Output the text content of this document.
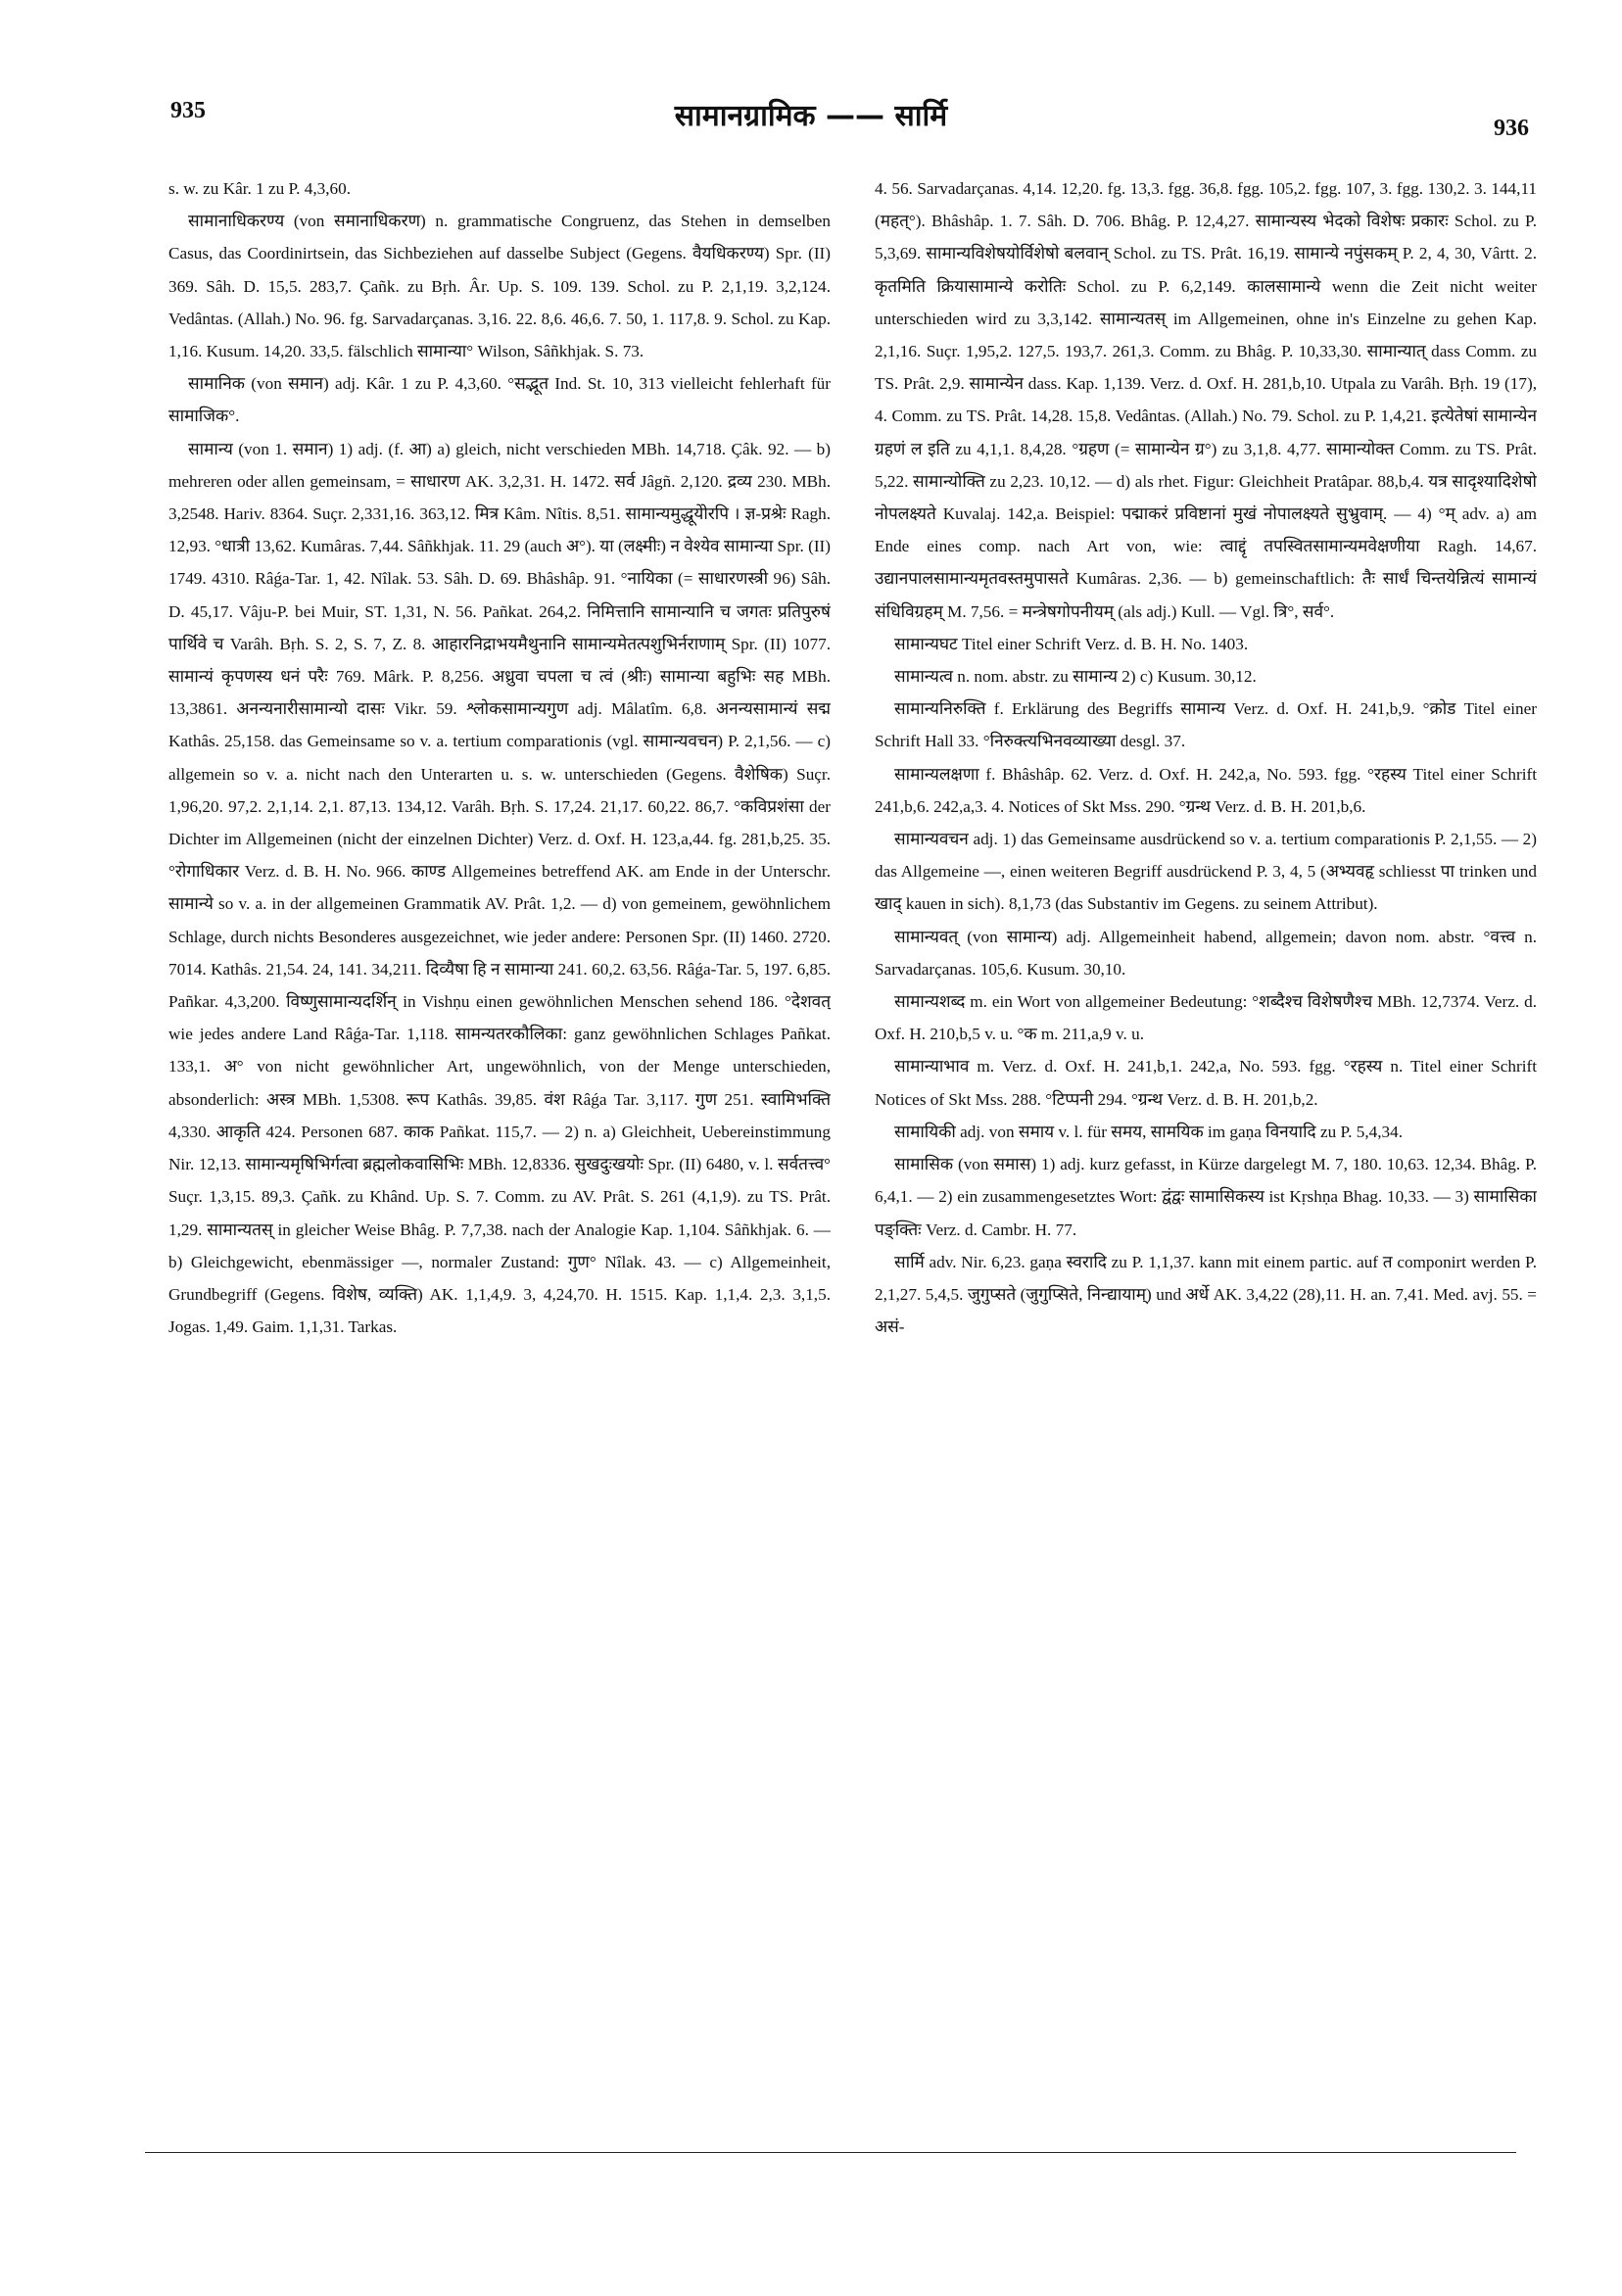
935	सामानग्रामिक —— सार्मि	936

s. w. zu Kâr. 1 zu P. 4,3,60.

सामानाधिकरण्य (von समानाधिकरण) n. grammatische Congruenz, das Stehen in demselben Casus, das Coordinirtsein, das Sichbeziehen auf dasselbe Subject (Gegens. वैयधिकरण्य) Spr. (II) 369. Sâh. D. 15,5. 283,7. Çañk. zu Bṛh. Âr. Up. S. 109. 139. Schol. zu P. 2,1,19. 3,2,124. Vedântas. (Allah.) No. 96. fg. Sarvadarçanas. 3,16. 22. 8,6. 46,6. 7. 50, 1. 117,8. 9. Schol. zu Kap. 1,16. Kusum. 14,20. 33,5. fälschlich सामान्या° Wilson, Sâñkhjak. S. 73.

सामानिक (von समान) adj. Kâr. 1 zu P. 4,3,60. °सद्भूत Ind. St. 10, 313 vielleicht fehlerhaft für सामाजिक°.

सामान्य (von 1. समान) 1) adj. (f. आ) a) gleich, nicht verschieden MBh. 14,718. Çâk. 92. — b) mehreren oder allen gemeinsam, = साधारण AK. 3,2,31. H. 1472. सर्व Jâgñ. 2,120. द्रव्य 230. MBh. 3,2548. Hariv. 8364. Suçr. 2,331,16. 363,12. मित्र Kâm. Nîtis. 8,51. सामान्यमुद्धूयेोरपि । ज्ञ-प्रश्रेः Ragh. 12,93. °धात्री 13,62. Kumâras. 7,44. Sâñkhjak. 11. 29 (auch अ°). या (लक्ष्मीः) न वेश्येव सामान्या Spr. (II) 1749. 4310. Râǵa-Tar. 1, 42. Nîlak. 53. Sâh. D. 69. Bhâshâp. 91. °नायिका (= साधारणस्त्री 96) Sâh. D. 45,17. Vâju-P. bei Muir, ST. 1,31, N. 56. Pañkat. 264,2. निमित्तानि सामान्यानि च जगतः प्रतिपुरुषं पार्थिवे च Varâh. Bṛh. S. 2, S. 7, Z. 8. आहारनिद्राभयमैथुनानि सामान्यमेतत्पशुभिर्नराणाम् Spr. (II) 1077. सामान्यं कृपणस्य धनं परैः 769. Mârk. P. 8,256. अध्रुवा चपला च त्वं (श्रीः) सामान्या बहुभिः सह MBh. 13,3861. अनन्यनारीसामान्यो दासः Vikr. 59. श्लोकसामान्यगुण adj. Mâlatîm. 6,8. अनन्यसामान्यं सद्म Kathâs. 25,158. das Gemeinsame so v. a. tertium comparationis (vgl. सामान्यवचन) P. 2,1,56. — c) allgemein so v. a. nicht nach den Unterarten u. s. w. unterschieden (Gegens. वैशेषिक) Suçr. 1,96,20. 97,2. 2,1,14. 2,1. 87,13. 134,12. Varâh. Bṛh. S. 17,24. 21,17. 60,22. 86,7. °कविप्रशंसा der Dichter im Allgemeinen (nicht der einzelnen Dichter) Verz. d. Oxf. H. 123,a,44. fg. 281,b,25. 35. °रोगाधिकार Verz. d. B. H. No. 966. काण्ड Allgemeines betreffend AK. am Ende in der Unterschr. सामान्ये so v. a. in der allgemeinen Grammatik AV. Prât. 1,2. — d) von gemeinem, gewöhnlichem Schlage, durch nichts Besonderes ausgezeichnet, wie jeder andere: Personen Spr. (II) 1460. 2720. 7014. Kathâs. 21,54. 24, 141. 34,211. दिव्यैषा हि न सामान्या 241. 60,2. 63,56. Râǵa-Tar. 5, 197. 6,85. Pañkar. 4,3,200. विष्णुसामान्यदर्शिन् in Vishṇu einen gewöhnlichen Menschen sehend 186. °देशवत् wie jedes andere Land Râǵa-Tar. 1,118. सामन्यतरकौलिका: ganz gewöhnlichen Schlages Pañkat. 133,1. अ° von nicht gewöhnlicher Art, ungewöhnlich, von der Menge unterschieden, absonderlich: अस्त्र MBh. 1,5308. रूप Kathâs. 39,85. वंश Râǵa Tar. 3,117. गुण 251. स्वामिभक्ति 4,330. आकृति 424. Personen 687. काक Pañkat. 115,7. — 2) n. a) Gleichheit, Uebereinstimmung Nir. 12,13. सामान्यमृषिभिर्गत्वा ब्रह्मलोकवासिभिः MBh. 12,8336. सुखदुःखयोः Spr. (II) 6480, v. l. सर्वतत्त्व° Suçr. 1,3,15. 89,3. Çañk. zu Khând. Up. S. 7. Comm. zu AV. Prât. S. 261 (4,1,9). zu TS. Prât. 1,29. सामान्यतस् in gleicher Weise Bhâg. P. 7,7,38. nach der Analogie Kap. 1,104. Sâñkhjak. 6. — b) Gleichgewicht, ebenmässiger —, normaler Zustand: गुण° Nîlak. 43. — c) Allgemeinheit, Grundbegriff (Gegens. विशेष, व्यक्ति) AK. 1,1,4,9. 3, 4,24,70. H. 1515. Kap. 1,1,4. 2,3. 3,1,5. Jogas. 1,49. Gaim. 1,1,31. Tarkas.

4. 56. Sarvadarçanas. 4,14. 12,20. fg. 13,3. fgg. 36,8. fgg. 105,2. fgg. 107, 3. fgg. 130,2. 3. 144,11 (महत्°). Bhâshâp. 1. 7. Sâh. D. 706. Bhâg. P. 12,4,27. सामान्यस्य भेदको विशेषः प्रकारः Schol. zu P. 5,3,69. सामान्यविशेषयोर्विशेषो बलवान् Schol. zu TS. Prât. 16,19. सामान्ये नपुंसकम् P. 2, 4, 30, Vârtt. 2. कृतमिति क्रियासामान्ये करोतिः Schol. zu P. 6,2,149. कालसामान्ये wenn die Zeit nicht weiter unterschieden wird zu 3,3,142. सामान्यतस् im Allgemeinen, ohne in's Einzelne zu gehen Kap. 2,1,16. Suçr. 1,95,2. 127,5. 193,7. 261,3. Comm. zu Bhâg. P. 10,33,30. सामान्यात् dass Comm. zu TS. Prât. 2,9. सामान्येन dass. Kap. 1,139. Verz. d. Oxf. H. 281,b,10. Utpala zu Varâh. Bṛh. 19 (17), 4. Comm. zu TS. Prât. 14,28. 15,8. Vedântas. (Allah.) No. 79. Schol. zu P. 1,4,21. इत्येतेषां सामान्येन ग्रहणं ल इति zu 4,1,1. 8,4,28. °ग्रहण (= सामान्येन ग्र°) zu 3,1,8. 4,77. सामान्योक्त Comm. zu TS. Prât. 5,22. सामान्योक्ति zu 2,23. 10,12. — d) als rhet. Figur: Gleichheit Pratâpar. 88,b,4. यत्र सादृश्यादिशेषो नोपलक्ष्यते Kuvalaj. 142,a. Beispiel: पद्माकरं प्रविष्टानां मुखं नोपालक्ष्यते सुभ्रुवाम्. — 4) °म् adv. a) am Ende eines comp. nach Art von, wie: त्वाद्दृं तपस्वितसामान्यमवेक्षणीया Ragh. 14,67. उद्यानपालसामान्यमृतवस्तमुपासते Kumâras. 2,36. — b) gemeinschaftlich: तैः सार्धं चिन्तयेन्नित्यं सामान्यं संधिविग्रहम् M. 7,56. = मन्त्रेषगोपनीयम् (als adj.) Kull. — Vgl. त्रि°, सर्व°.

सामान्यघट Titel einer Schrift Verz. d. B. H. No. 1403.

सामान्यत्व n. nom. abstr. zu सामान्य 2) c) Kusum. 30,12.

सामान्यनिरुक्ति f. Erklärung des Begriffs सामान्य Verz. d. Oxf. H. 241,b,9. °क्रोड Titel einer Schrift Hall 33. °निरुक्त्यभिनवव्याख्या desgl. 37.

सामान्यलक्षणा f. Bhâshâp. 62. Verz. d. Oxf. H. 242,a, No. 593. fgg. °रहस्य Titel einer Schrift 241,b,6. 242,a,3. 4. Notices of Skt Mss. 290. °ग्रन्थ Verz. d. B. H. 201,b,6.

सामान्यवचन adj. 1) das Gemeinsame ausdrückend so v. a. tertium comparationis P. 2,1,55. — 2) das Allgemeine —, einen weiteren Begriff ausdrückend P. 3, 4, 5 (अभ्यवहृ schliesst पा trinken und खाद् kauen in sich). 8,1,73 (das Substantiv im Gegens. zu seinem Attribut).

सामान्यवत् (von सामान्य) adj. Allgemeinheit habend, allgemein; davon nom. abstr. °वत्त्व n. Sarvadarçanas. 105,6. Kusum. 30,10.

सामान्यशब्द m. ein Wort von allgemeiner Bedeutung: °शब्दैश्च विशेषणैश्च MBh. 12,7374. Verz. d. Oxf. H. 210,b,5 v. u. °क m. 211,a,9 v. u.

सामान्याभाव m. Verz. d. Oxf. H. 241,b,1. 242,a, No. 593. fgg. °रहस्य n. Titel einer Schrift Notices of Skt Mss. 288. °टिप्पनी 294. °ग्रन्थ Verz. d. B. H. 201,b,2.

सामायिकी adj. von समाय v. l. für समय, सामयिक im gaṇa विनयादि zu P. 5,4,34.

सामासिक (von समास) 1) adj. kurz gefasst, in Kürze dargelegt M. 7, 180. 10,63. 12,34. Bhâg. P. 6,4,1. — 2) ein zusammengesetztes Wort: द्वंद्वः सामासिकस्य ist Kṛshṇa Bhag. 10,33. — 3) सामासिका पङ्क्तिः Verz. d. Cambr. H. 77.

सार्मि adv. Nir. 6,23. gaṇa स्वरादि zu P. 1,1,37. kann mit einem partic. auf त componirt werden P. 2,1,27. 5,4,5. जुगुप्सते (जुगुप्सिते, निन्द्यायाम्) und अर्धे AK. 3,4,22 (28),11. H. an. 7,41. Med. avj. 55. = असं-
